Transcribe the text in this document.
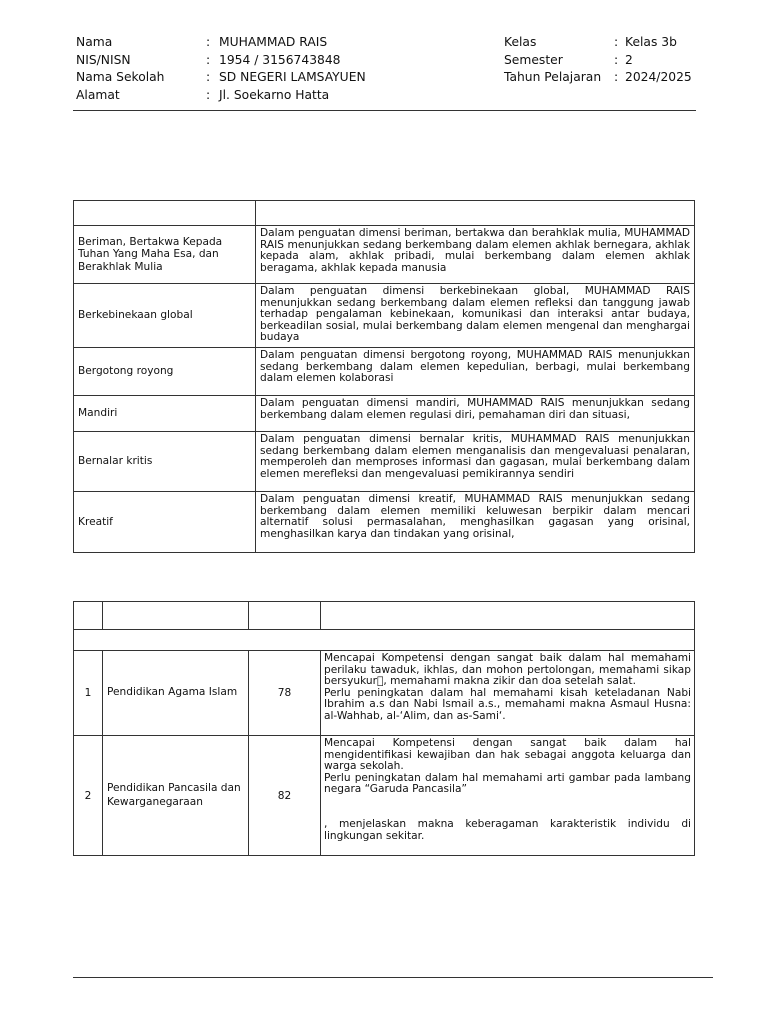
Nama	: MUHAMMAD RAIS	Kelas	: Kelas 3b
NIS/NISN	: 1954 / 3156743848	Semester	: 2
Nama Sekolah	: SD NEGERI LAMSAYUEN	Tahun Pelajaran : 2024/2025
Alamat	: Jl. Soekarno Hatta

Beriman, Bertakwa Kepada Tuhan Yang Maha Esa, dan Berakhlak Mulia	Dalam penguatan dimensi beriman, bertakwa dan berahklak mulia, MUHAMMAD RAIS menunjukkan sedang berkembang dalam elemen akhlak bernegara, akhlak kepada alam, akhlak pribadi, mulai berkembang dalam elemen akhlak beragama, akhlak kepada manusia
Berkebinekaan global	Dalam penguatan dimensi berkebinekaan global, MUHAMMAD RAIS menunjukkan sedang berkembang dalam elemen refleksi dan tanggung jawab terhadap pengalaman kebinekaan, komunikasi dan interaksi antar budaya, berkeadilan sosial, mulai berkembang dalam elemen mengenal dan menghargai budaya
Bergotong royong	Dalam penguatan dimensi bergotong royong, MUHAMMAD RAIS menunjukkan sedang berkembang dalam elemen kepedulian, berbagi, mulai berkembang dalam elemen kolaborasi
Mandiri	Dalam penguatan dimensi mandiri, MUHAMMAD RAIS menunjukkan sedang berkembang dalam elemen regulasi diri, pemahaman diri dan situasi,
Bernalar kritis	Dalam penguatan dimensi bernalar kritis, MUHAMMAD RAIS menunjukkan sedang berkembang dalam elemen menganalisis dan mengevaluasi penalaran, memperoleh dan memproses informasi dan gagasan, mulai berkembang dalam elemen merefleksi dan mengevaluasi pemikirannya sendiri
Kreatif	Dalam penguatan dimensi kreatif, MUHAMMAD RAIS menunjukkan sedang berkembang dalam elemen memiliki keluwesan berpikir dalam mencari alternatif solusi permasalahan, menghasilkan gagasan yang orisinal, menghasilkan karya dan tindakan yang orisinal,

1	Pendidikan Agama Islam	78	Mencapai Kompetensi dengan sangat baik dalam hal memahami perilaku tawaduk, ikhlas, dan mohon pertolongan, memahami sikap bersyukur , memahami makna zikir dan doa setelah salat.
Perlu peningkatan dalam hal memahami kisah keteladanan Nabi Ibrahim a.s dan Nabi Ismail a.s., memahami makna Asmaul Husna: al-Wahhab, al-‘Alim, dan as-Sami‘.

2	Pendidikan Pancasila dan Kewarganegaraan	82	Mencapai Kompetensi dengan sangat baik dalam hal mengidentifikasi kewajiban dan hak sebagai anggota keluarga dan warga sekolah.
Perlu peningkatan dalam hal memahami arti gambar pada lambang negara “Garuda Pancasila”
, menjelaskan makna keberagaman karakteristik individu di lingkungan sekitar.
